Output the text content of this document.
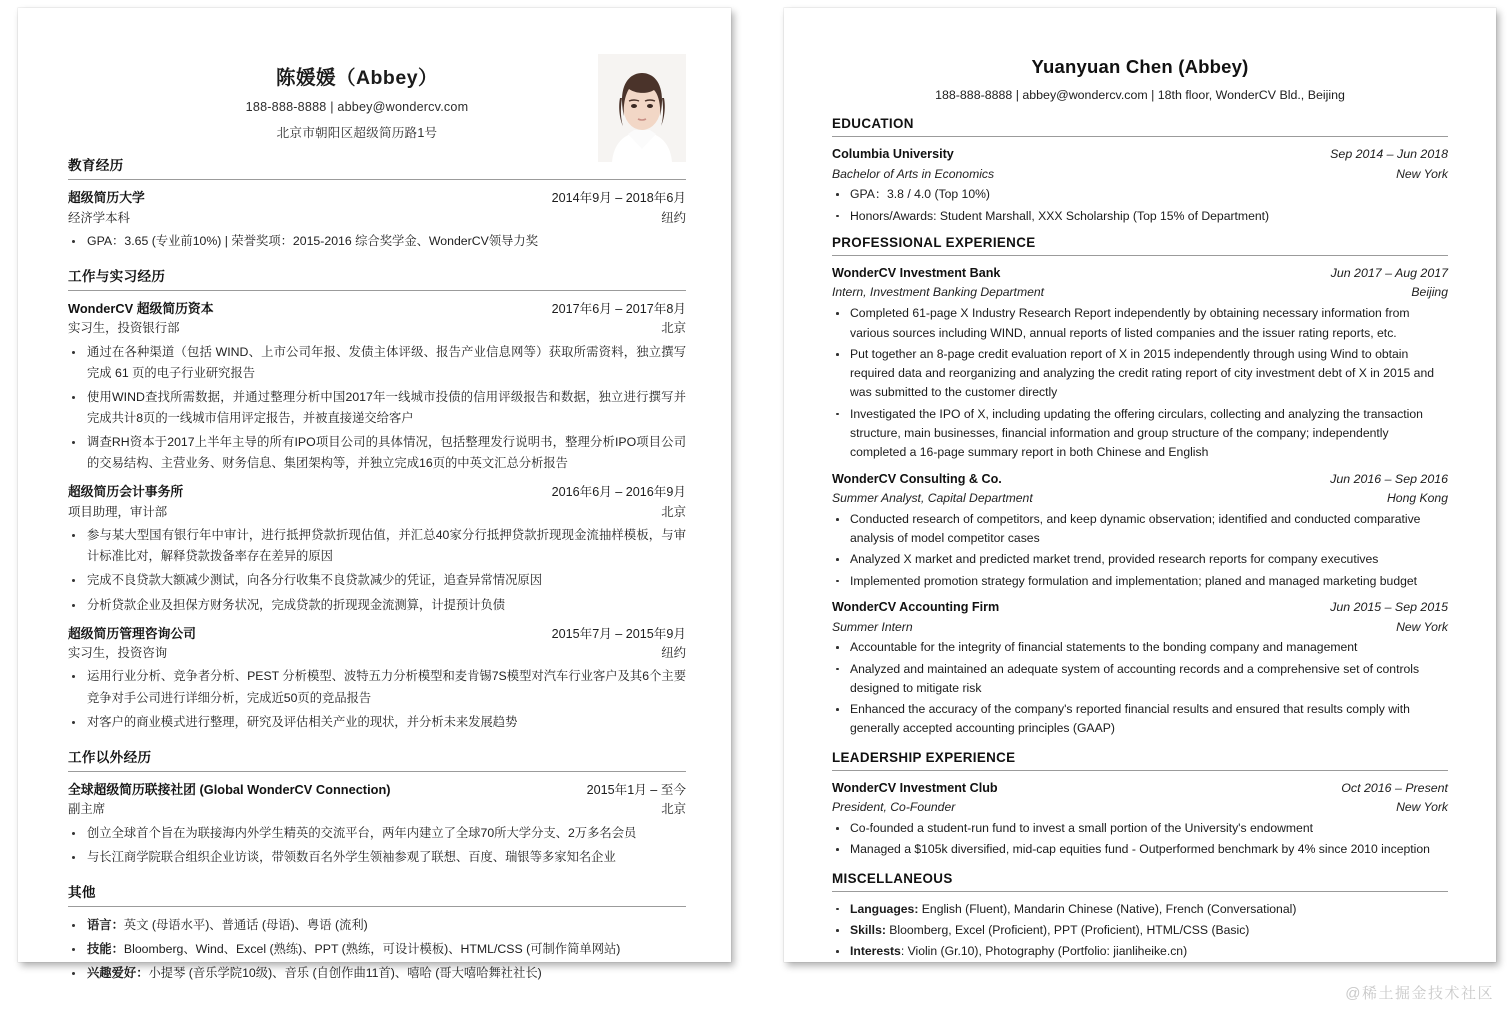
陈媛媛（Abbey）
188-888-8888 | abbey@wondercv.com
北京市朝阳区超级简历路1号
教育经历
超级简历大学	2014年9月 – 2018年6月
经济学本科	纽约
GPA：3.65 (专业前10%) | 荣誉奖项：2015-2016 综合奖学金、WonderCV领导力奖
工作与实习经历
WonderCV 超级简历资本	2017年6月 – 2017年8月
实习生，投资银行部	北京
通过在各种渠道（包括 WIND、上市公司年报、发债主体评级、报告产业信息网等）获取所需资料，独立撰写完成 61 页的电子行业研究报告
使用WIND查找所需数据，并通过整理分析中国2017年一线城市投债的信用评级报告和数据，独立进行撰写并完成共计8页的一线城市信用评定报告，并被直接递交给客户
调查RH资本于2017上半年主导的所有IPO项目公司的具体情况，包括整理发行说明书，整理分析IPO项目公司的交易结构、主营业务、财务信息、集团架构等，并独立完成16页的中英文汇总分析报告
超级简历会计事务所	2016年6月 – 2016年9月
项目助理，审计部	北京
参与某大型国有银行年中审计，进行抵押贷款折现估值，并汇总40家分行抵押贷款折现现金流抽样模板，与审计标准比对，解释贷款拨备率存在差异的原因
完成不良贷款大额减少测试，向各分行收集不良贷款减少的凭证，追查异常情况原因
分析贷款企业及担保方财务状况，完成贷款的折现现金流测算，计提预计负债
超级简历管理咨询公司	2015年7月 – 2015年9月
实习生，投资咨询	纽约
运用行业分析、竞争者分析、PEST 分析模型、波特五力分析模型和麦肯锡7S模型对汽车行业客户及其6个主要竞争对手公司进行详细分析，完成近50页的竞品报告
对客户的商业模式进行整理，研究及评估相关产业的现状，并分析未来发展趋势
工作以外经历
全球超级简历联接社团 (Global WonderCV Connection)	2015年1月 – 至今
副主席	北京
创立全球首个旨在为联接海内外学生精英的交流平台，两年内建立了全球70所大学分支、2万多名会员
与长江商学院联合组织企业访谈，带领数百名外学生领袖参观了联想、百度、瑞银等多家知名企业
其他
语言：英文 (母语水平)、普通话 (母语)、粤语 (流利)
技能：Bloomberg、Wind、Excel (熟练)、PPT (熟练，可设计模板)、HTML/CSS (可制作简单网站)
兴趣爱好：小提琴 (音乐学院10级)、音乐 (自创作曲11首)、嘻哈 (哥大嘻哈舞社社长)
Yuanyuan Chen (Abbey)
188-888-8888 | abbey@wondercv.com | 18th floor, WonderCV Bld., Beijing
EDUCATION
Columbia University	Sep 2014 – Jun 2018
Bachelor of Arts in Economics	New York
GPA：3.8 / 4.0 (Top 10%)
Honors/Awards: Student Marshall, XXX Scholarship (Top 15% of Department)
PROFESSIONAL EXPERIENCE
WonderCV Investment Bank	Jun 2017 – Aug 2017
Intern, Investment Banking Department	Beijing
Completed 61-page X Industry Research Report independently by obtaining necessary information from various sources including WIND, annual reports of listed companies and the issuer rating reports, etc.
Put together an 8-page credit evaluation report of X in 2015 independently through using Wind to obtain required data and reorganizing and analyzing the credit rating report of city investment debt of X in 2015 and was submitted to the customer directly
Investigated the IPO of X, including updating the offering circulars, collecting and analyzing the transaction structure, main businesses, financial information and group structure of the company; independently completed a 16-page summary report in both Chinese and English
WonderCV Consulting & Co.	Jun 2016 – Sep 2016
Summer Analyst, Capital Department	Hong Kong
Conducted research of competitors, and keep dynamic observation; identified and conducted comparative analysis of model competitor cases
Analyzed X market and predicted market trend, provided research reports for company executives
Implemented promotion strategy formulation and implementation; planed and managed marketing budget
WonderCV Accounting Firm	Jun 2015 – Sep 2015
Summer Intern	New York
Accountable for the integrity of financial statements to the bonding company and management
Analyzed and maintained an adequate system of accounting records and a comprehensive set of controls designed to mitigate risk
Enhanced the accuracy of the company's reported financial results and ensured that results comply with generally accepted accounting principles (GAAP)
LEADERSHIP EXPERIENCE
WonderCV Investment Club	Oct 2016 – Present
President, Co-Founder	New York
Co-founded a student-run fund to invest a small portion of the University's endowment
Managed a $105k diversified, mid-cap equities fund - Outperformed benchmark by 4% since 2010 inception
MISCELLANEOUS
Languages: English (Fluent), Mandarin Chinese (Native), French (Conversational)
Skills: Bloomberg, Excel (Proficient), PPT (Proficient), HTML/CSS (Basic)
Interests: Violin (Gr.10), Photography (Portfolio: jianliheike.cn)
@稀土掘金技术社区
